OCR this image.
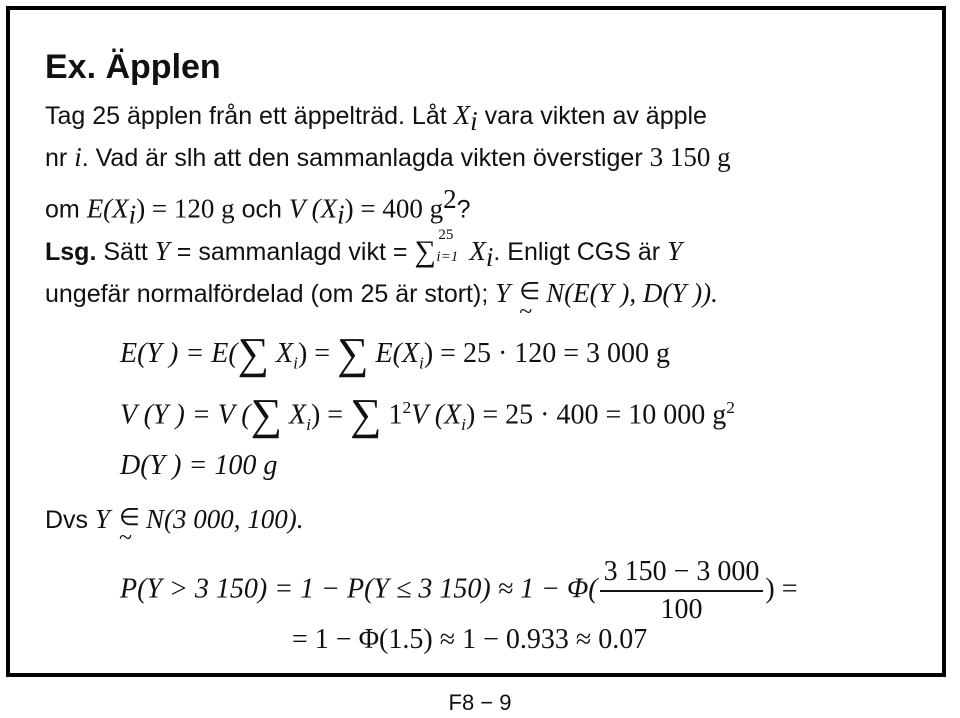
Ex. Äpplen
Tag 25 äpplen från ett äppelträd. Låt $X_i$ vara vikten av äpple
nr i. Vad är slh att den sammanlagda vikten överstiger 3 150 g
om $E(X_i) = 120$ g och V $(X_i) = 400$ $g^2$?
Lsg. Sätt Y = sammanlagd vikt = ∑ 25
i=1 $X_i$. Enligt CGS är Y
ungefär normalfördelad (om 25 är stort); Y ∈
~
N(E(Y ), D(Y )).
E(Y ) = E(∑ $X_i$) = ∑ $E(X_i) = 25 \cdot 120 = 3$ 000 g
V (Y ) = V (∑ $X_i$) = ∑ $1^2V$ $(X_i) = 25 \cdot 400 = 10$ 000 $g^2$
D(Y ) = 100 g
Dvs Y ∈
~
N(3 000, 100).
P(Y > 3 150) = 1 − P(Y ≤ 3 $150) \approx 1 - \Phi( \frac{3 150 - 3 000}{100}$ ) =
= 1 − Φ(1.5) ≈ 1 − 0.933 ≈ 0.07
F8 − 9
